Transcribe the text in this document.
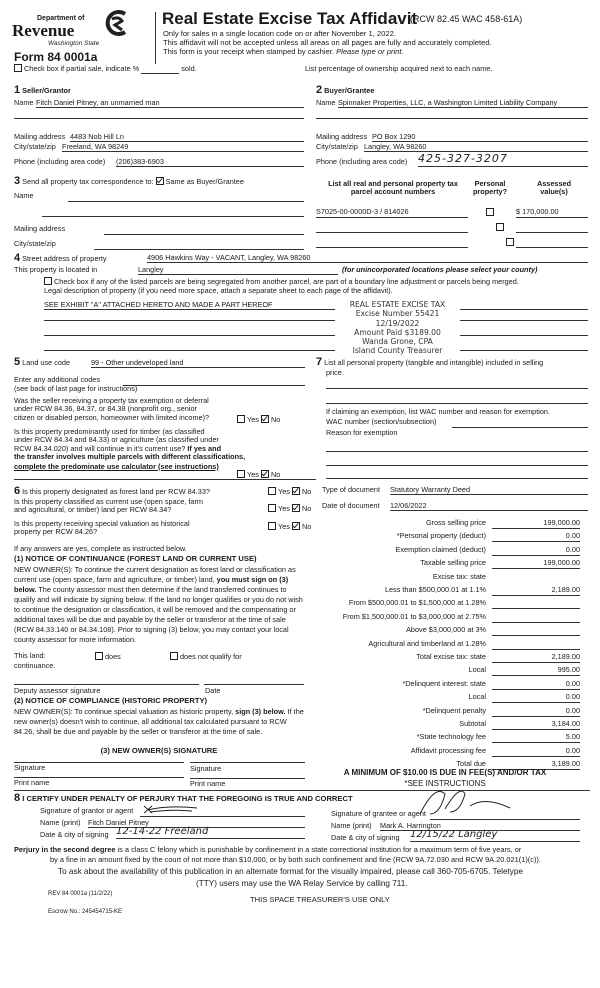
Department of
Revenue
Washington State
Form 84 0001a
Real Estate Excise Tax Affidavit
(RCW 82.45 WAC 458-61A)
Only for sales in a single location code on or after November 1, 2022.
This affidavit will not be accepted unless all areas on all pages are fully and accurately completed.
This form is your receipt when stamped by cashier. Please type or print.
Check box if partial sale, indicate %	sold.	List percentage of ownership acquired next to each name.
1 Seller/Grantor
Name Fitch Daniel Pitney, an unmarried man
Mailing address 4483 Nob Hill Ln
City/state/zip Freeland, WA 98249
Phone (including area code) (206)383-6903
2 Buyer/Grantee
Name Spinnaker Properties, LLC, a Washington Limited Liability Company
Mailing address PO Box 1290
City/state/zip Langley, WA 98260
Phone (including area code) 425-327-3207
3 Send all property tax correspondence to: Same as Buyer/Grantee
Name
Mailing address
City/state/zip
List all real and personal property tax
parcel account numbers
Personal
property?
Assessed
value(s)
S7025-00-0000D-3 / 814026	$ 170,000.00
4 Street address of property	4906 Hawkins Way - VACANT, Langley, WA 98260
This property is located in	Langley	(for unincorporated locations please select your county)
Check box if any of the listed parcels are being segregated from another parcel, are part of a boundary line adjustment or parcels being merged.
Legal description of property (if you need more space, attach a separate sheet to each page of the affidavit).
SEE EXHIBIT "A" ATTACHED HERETO AND MADE A PART HEREOF	REAL ESTATE EXCISE TAX
Excise Number 55421
12/19/2022
Amount Paid $3189.00
Wanda Grone, CPA
Island County Treasurer
5 Land use code	99 - Other undeveloped land
Enter any additional codes
(see back of last page for instructions)
Was the seller receiving a property tax exemption or deferral
under RCW 84.36, 84.37, or 84.38 (nonprofit org., senior
citizen or disabled person, homeowner with limited income)?	Yes No
Is this property predominantly used for timber (as classified
under RCW 84.34 and 84.33) or agriculture (as classified under
RCW 84.34.020) and will continue in it's current use? If yes and
the transfer involves multiple parcels with different classifications,
complete the predominate use calculator (see instructions)
Yes No
7 List all personal property (tangible and intangible) included in selling
price.
If claiming an exemption, list WAC number and reason for exemption.
WAC number (section/subsection)
Reason for exemption
6 Is this property designated as forest land per RCW 84.33?	Yes No
Is this property classified as current use (open space, farm
and agricultural, or timber) land per RCW 84.34?	Yes No
Is this property receiving special valuation as historical
property per RCW 84.26?
Yes No
If any answers are yes, complete as instructed below.
(1) NOTICE OF CONTINUANCE (FOREST LAND OR CURRENT USE)
NEW OWNER(S): To continue the current designation as forest land or classification as current use (open space, farm and agriculture, or timber) land, you must sign on (3) below. The county assessor must then determine if the land transferred continues to qualify and will indicate by signing below. If the land no longer qualifies or you do not wish to continue the designation or classification, it will be removed and the compensating or additional taxes will be due and payable by the seller or transferor at the time of sale (RCW 84.33.140 or 84.34.108). Prior to signing (3) below, you may contact your local county assessor for more information.
This land:	does	does not qualify for
continuance.
Deputy assessor signature	Date
(2) NOTICE OF COMPLIANCE (HISTORIC PROPERTY)
NEW OWNER(S): To continue special valuation as historic property, sign (3) below. If the new owner(s) doesn't wish to continue, all additional tax calculated pursuant to RCW 84.26, shall be due and payable by the seller or transferor at the time of sale.
(3) NEW OWNER(S) SIGNATURE
Signature	Signature
Print name	Print name
Type of document Statutory Warranty Deed
Date of document 12/06/2022
Gross selling price	199,000.00
*Personal property (deduct)	0.00
Exemption claimed (deduct)	0.00
Taxable selling price	199,000.00
Excise tax: state
Less than $500,000.01 at 1.1%	2,189.00
From $500,000.01 to $1,500,000 at 1.28%
From $1,500,000.01 to $3,000,000 at 2.75%
Above $3,000,000 at 3%
Agricultural and timberland at 1.28%
Total excise tax: state	2,189.00
Local	995.00
*Delinquent interest: state	0.00
Local	0.00
*Delinquent penalty	0.00
Subtotal	3,184.00
*State technology fee	5.00
Affidavit processing fee	0.00
Total due	3,189.00
A MINIMUM OF $10.00 IS DUE IN FEE(S) AND/OR TAX
*SEE INSTRUCTIONS
8 I CERTIFY UNDER PENALTY OF PERJURY THAT THE FOREGOING IS TRUE AND CORRECT
Signature of grantor or agent
Name (print) Fitch Daniel Pitney
Date & city of signing 12-14-22 Freeland
Signature of grantee or agent
Name (print) Mark A. Harrington
Date & city of signing 12/15/22 Langley
Perjury in the second degree is a class C felony which is punishable by confinement in a state correctional institution for a maximum term of five years, or
by a fine in an amount fixed by the court of not more than $10,000, or by both such confinement and fine (RCW 9A.72.030 and RCW 9A.20.021(1)(c)).
To ask about the availability of this publication in an alternate format for the visually impaired, please call 360-705-6705. Teletype
(TTY) users may use the WA Relay Service by calling 711.
REV 84 0001a (11/2/22)
THIS SPACE TREASURER'S USE ONLY
Escrow No.: 245454715-KE
